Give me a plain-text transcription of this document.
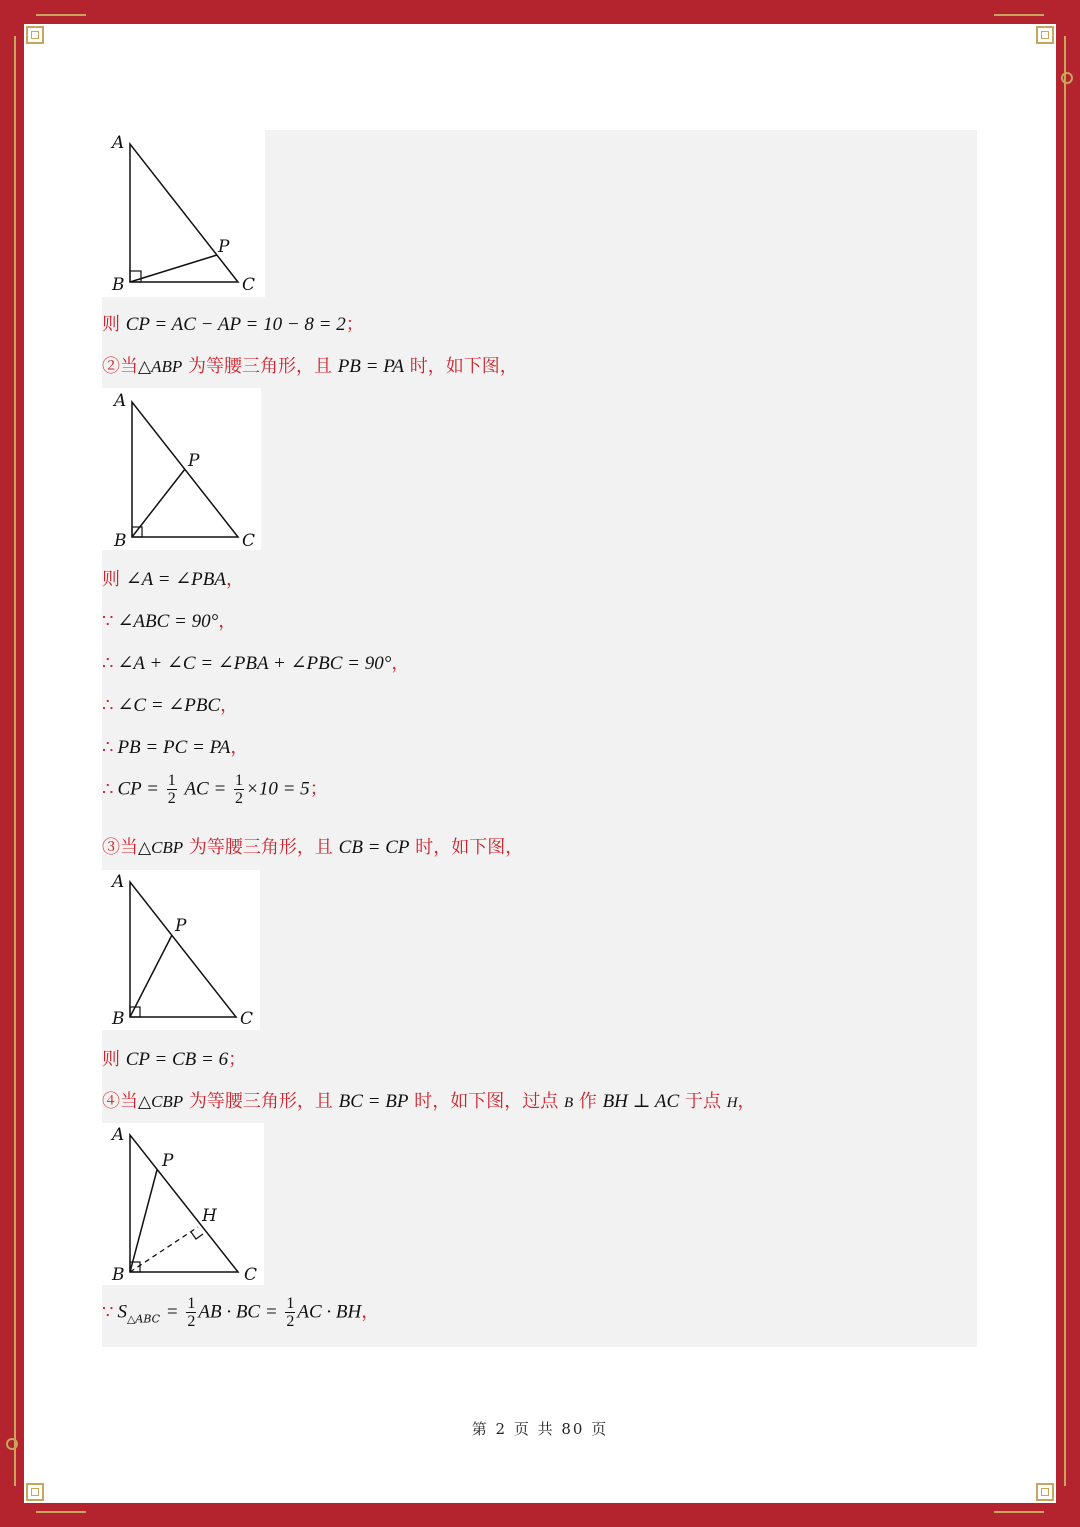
A
B	C
P
则 CP = AC − AP = 10 − 8 = 2；
②当△ABP 为等腰三角形，且 PB = PA 时，如下图，
A
B	C
P
则 ∠A = ∠PBA，
∵ ∠ABC = 90°，
∴ ∠A + ∠C = ∠PBA + ∠PBC = 90°，
∴ ∠C = ∠PBC，
∴ PB = PC = PA，
∴ CP = $\frac{1}{2}$ AC = $\frac{1}{2} \times 10 = 5$；
③当△CBP 为等腰三角形，且 CB = CP 时，如下图，
A
B	C
P
则 CP = CB = 6；
④当△CBP 为等腰三角形，且 BC = BP 时，如下图，过点 B 作 BH ⊥ AC 于点 H，
A
B	C
P
H
∵ $S_{\triangle ABC} = \frac{1}{2}$ AB · BC = $\frac{1}{2}$ AC · BH，
第 2 页 共 80 页
